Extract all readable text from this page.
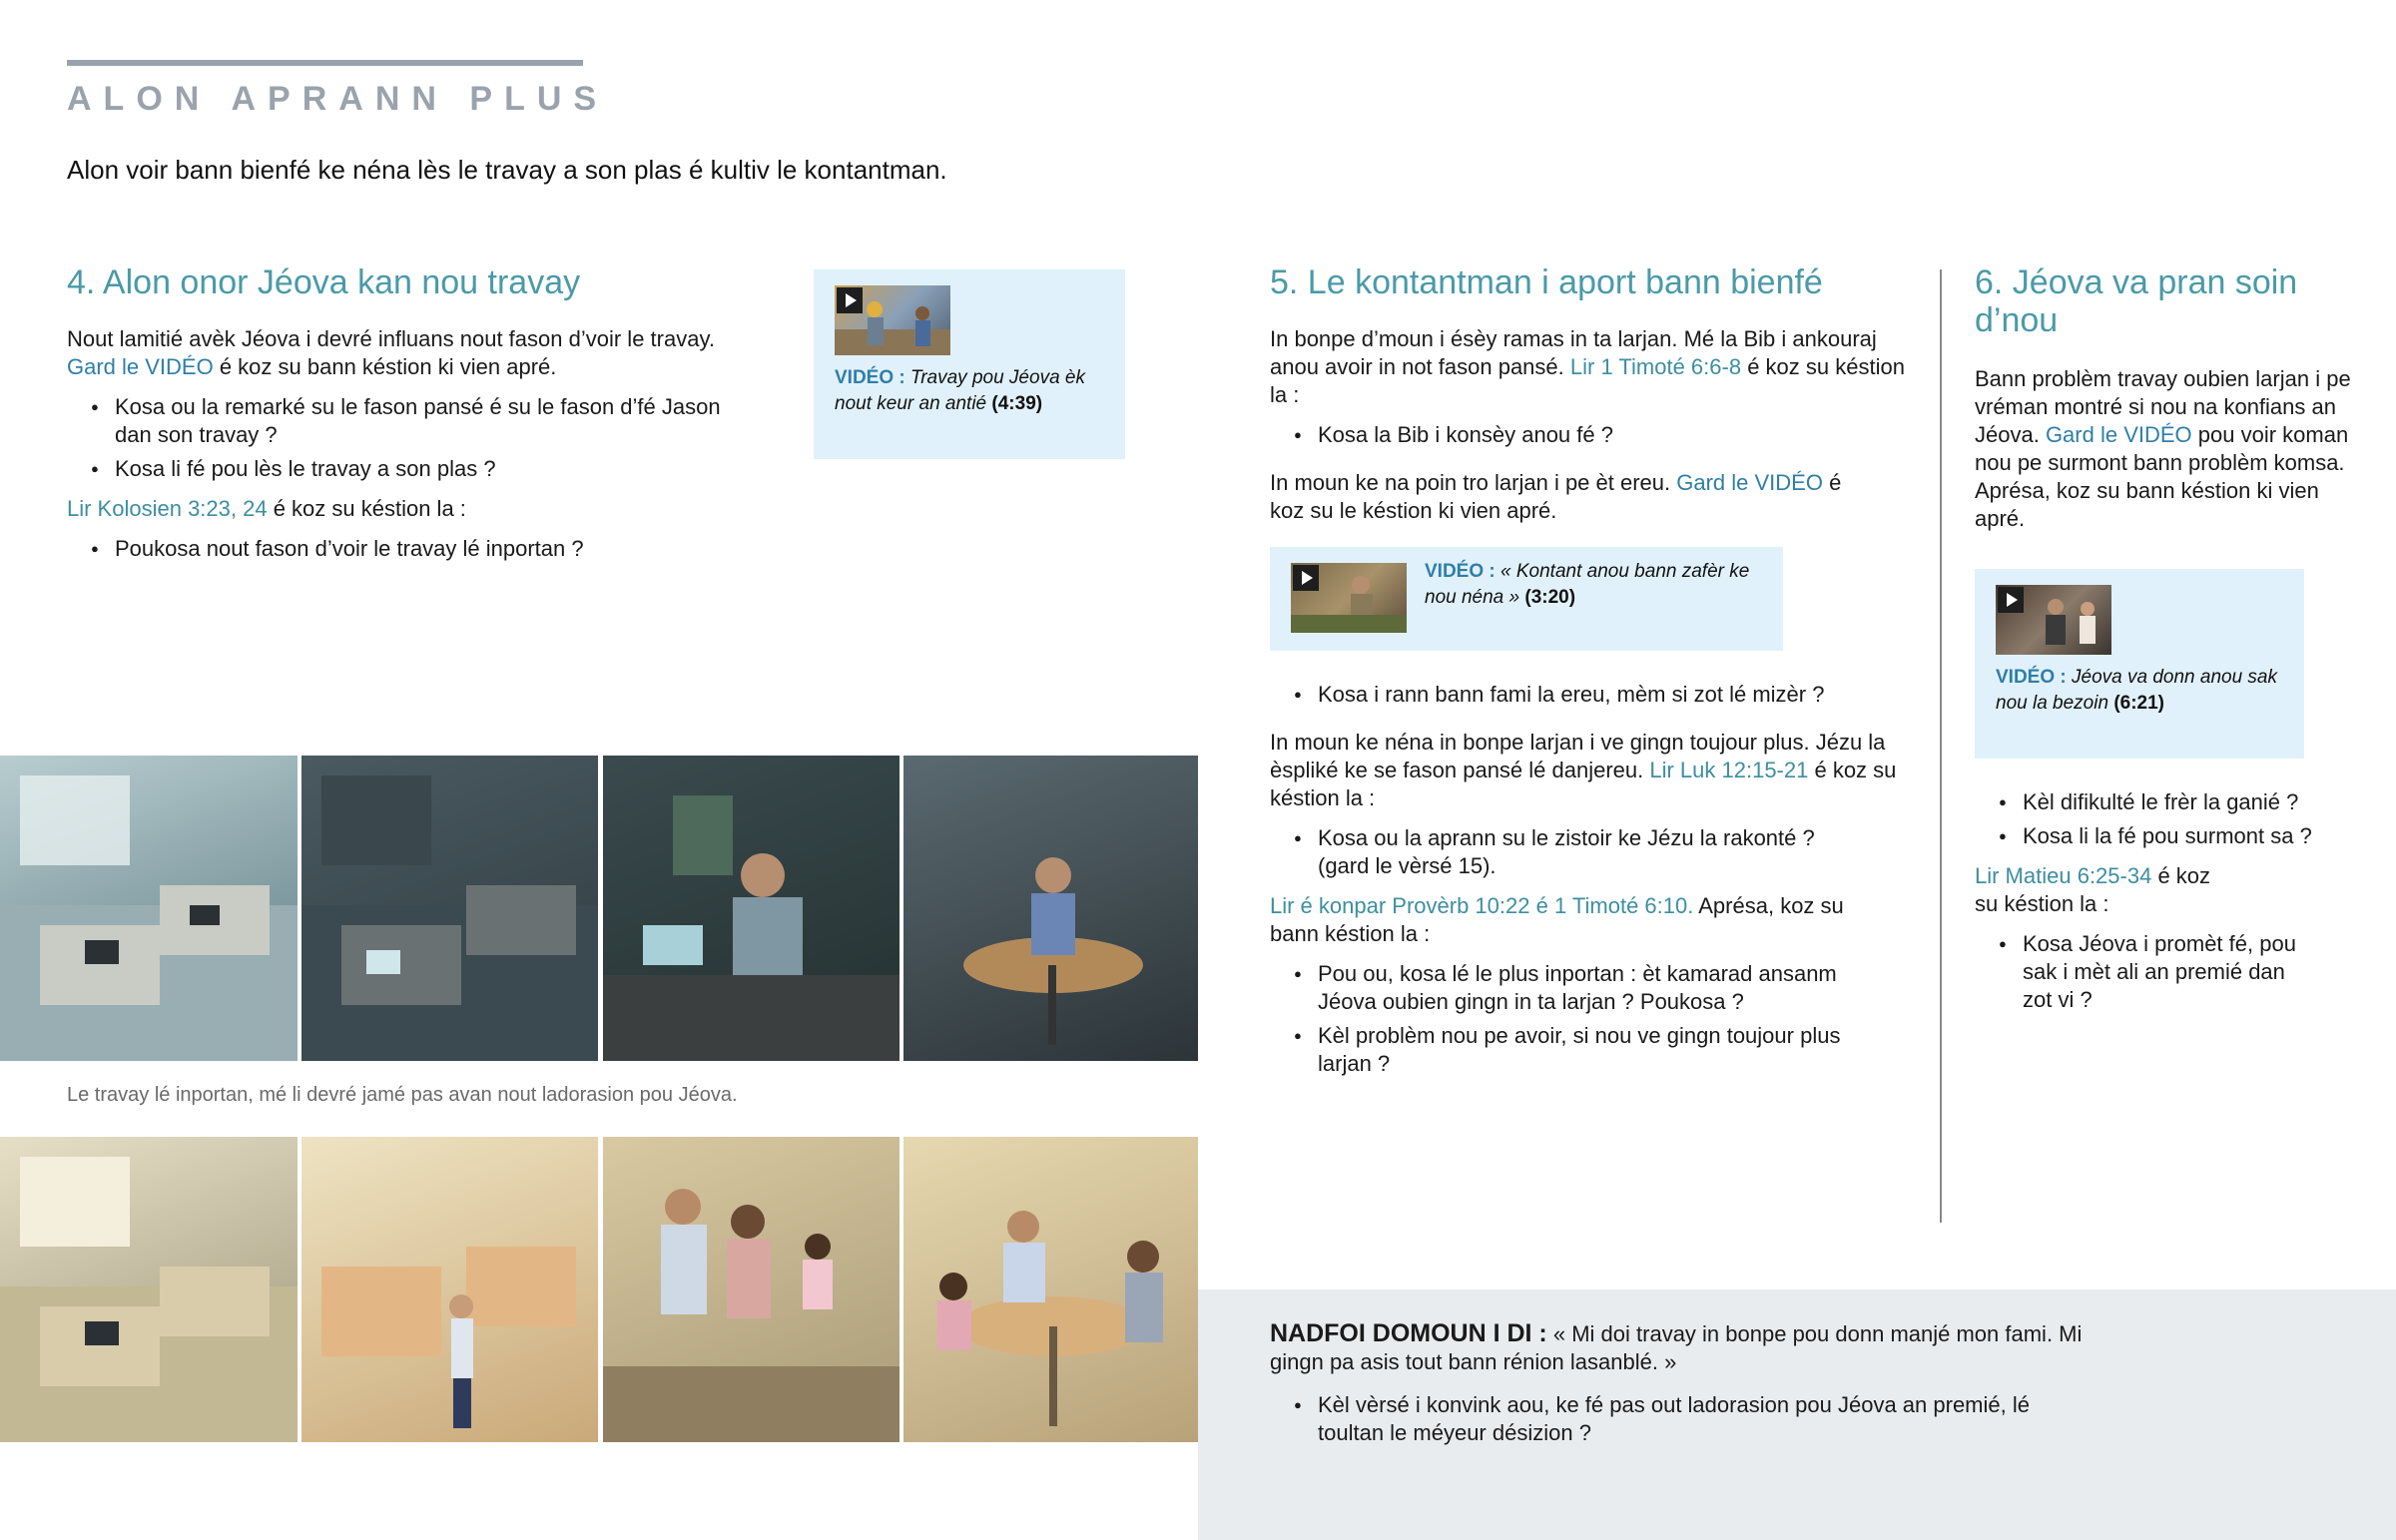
ALON APRANN PLUS
Alon voir bann bienfé ke néna lès le travay a son plas é kultiv le kontantman.
4. Alon onor Jéova kan nou travay
Nout lamitié avèk Jéova i devré influans nout fason d’voir le travay.
Gard le VIDÉO é koz su bann késtion ki vien apré.
● Kosa ou la remarké su le fason pansé é su le fason d’fé Jason dan son travay ?
● Kosa li fé pou lès le travay a son plas ?
Lir Kolosien 3:23, 24 é koz su késtion la :
● Poukosa nout fason d’voir le travay lé inportan ?
VIDÉO : Travay pou Jéova èk nout keur an antié (4:39)
Le travay lé inportan, mé li devré jamé pas avan nout ladorasion pou Jéova.
5. Le kontantman i aport bann bienfé
In bonpe d’moun i ésèy ramas in ta larjan. Mé la Bib i ankouraj anou avoir in not fason pansé. Lir 1 Timoté 6:6-8 é koz su késtion la :
● Kosa la Bib i konsèy anou fé ?
In moun ke na poin tro larjan i pe èt ereu. Gard le VIDÉO é koz su le késtion ki vien apré.
VIDÉO : « Kontant anou bann zafèr ke nou néna » (3:20)
● Kosa i rann bann fami la ereu, mèm si zot lé mizèr ?
In moun ke néna in bonpe larjan i ve gingn toujour plus. Jézu la èspliké ke se fason pansé lé danjereu. Lir Luk 12:15-21 é koz su késtion la :
● Kosa ou la aprann su le zistoir ke Jézu la rakonté ? (gard le vèrsé 15).
Lir é konpar Provèrb 10:22 é 1 Timoté 6:10. Aprésa, koz su bann késtion la :
● Pou ou, kosa lé le plus inportan : èt kamarad ansanm Jéova oubien gingn in ta larjan ? Poukosa ?
● Kèl problèm nou pe avoir, si nou ve gingn toujour plus larjan ?
6. Jéova va pran soin d’nou
Bann problèm travay oubien larjan i pe vréman montré si nou na konfians an Jéova. Gard le VIDÉO pou voir koman nou pe surmont bann problèm komsa. Aprésa, koz su bann késtion ki vien apré.
VIDÉO : Jéova va donn anou sak nou la bezoin (6:21)
● Kèl difikulté le frèr la ganié ?
● Kosa li la fé pou surmont sa ?
Lir Matieu 6:25-34 é koz su késtion la :
● Kosa Jéova i promèt fé, pou sak i mèt ali an premié dan zot vi ?
NADFOI DOMOUN I DI : « Mi doi travay in bonpe pou donn manjé mon fami. Mi gingn pa asis tout bann rénion lasanblé. »
● Kèl vèrsé i konvink aou, ke fé pas out ladorasion pou Jéova an premié, lé toultan le méyeur désizion ?
